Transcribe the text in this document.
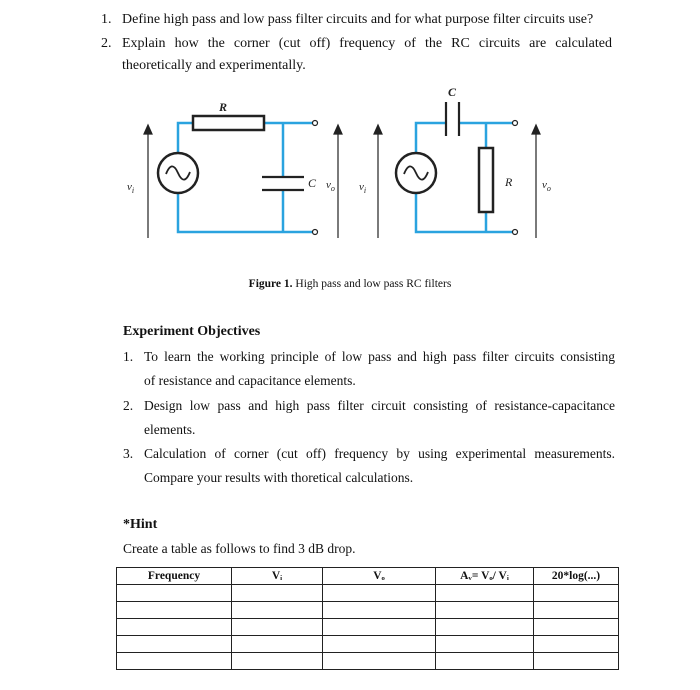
1. Define high pass and low pass filter circuits and for what purpose filter circuits use?
2. Explain how the corner (cut off) frequency of the RC circuits are calculated
theoretically and experimentally.
R
C
$v_i$	$v_o$
C
R
$v_i$	$v_o$
Figure 1. High pass and low pass RC filters
Experiment Objectives
1. To learn the working principle of low pass and high pass filter circuits consisting
of resistance and capacitance elements.
2. Design low pass and high pass filter circuit consisting of resistance-capacitance
elements.
3. Calculation of corner (cut off) frequency by using experimental measurements.
Compare your results with thoretical calculations.
*Hint
Create a table as follows to find 3 dB drop.
Frequency	Vᵢ	Vₒ	Aᵥ= Vₒ/ Vᵢ	20*log(...)
